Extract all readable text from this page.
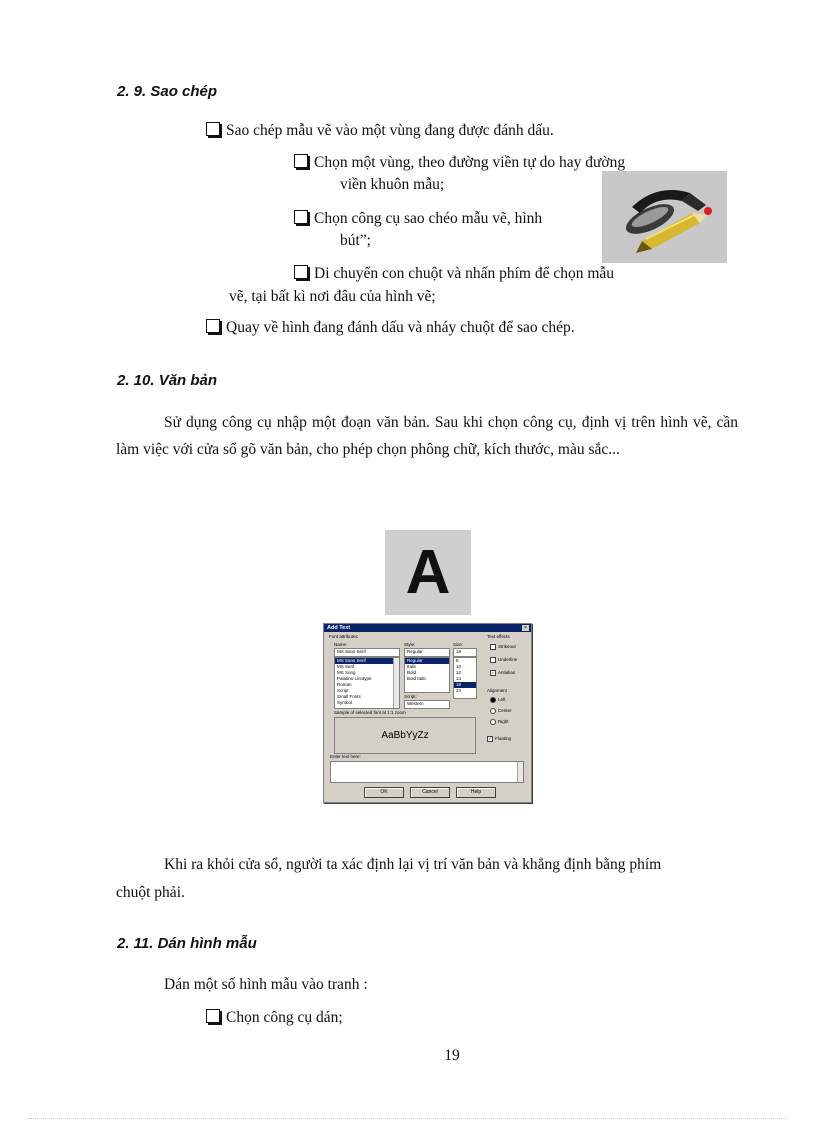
2. 9. Sao chép
Sao chép mẫu vẽ vào một vùng đang được đánh dấu.
Chọn một vùng, theo đường viền tự do hay đường
viền khuôn mẫu;
Chọn công cụ sao chéo mẫu vẽ, hình
bút”;
Di chuyển con chuột và nhấn phím để chọn mẫu
vẽ, tại bất kì nơi đâu của hình vẽ;
Quay về hình đang đánh dấu và nháy chuột để sao chép.
2. 10. Văn bản
Sử dụng công cụ nhập một đoạn văn bản. Sau khi chọn công cụ, định vị trên hình vẽ, cần làm việc với cửa sổ gõ văn bản, cho phép chọn phông chữ, kích thước, màu sắc...
A
Add Text	×
Font attributes
Name:
MS Sans Serif
MS Sans Serif
MS Serif
MS Song
Palatino Linotype
Roman
Script
Small Fonts
Symbol
Style:
Regular
Regular
Italic
Bold
Bold Italic
Size:
18
8
10
12
14
18
24
Script:
Western
Sample of selected font at 1:1 zoom
AaBbYyZz
Text effects
Strikeout
Underline
✓ Antialias
Alignment
Left
Center
Right
✓ Floating
Enter text here:
OK	Cancel	Help
Khi ra khỏi cửa sổ, người ta xác định lại vị trí văn bản và khẳng định bằng phím
chuột phải.
2. 11. Dán hình mẫu
Dán một số hình mẫu vào tranh :
Chọn công cụ dán;
19
